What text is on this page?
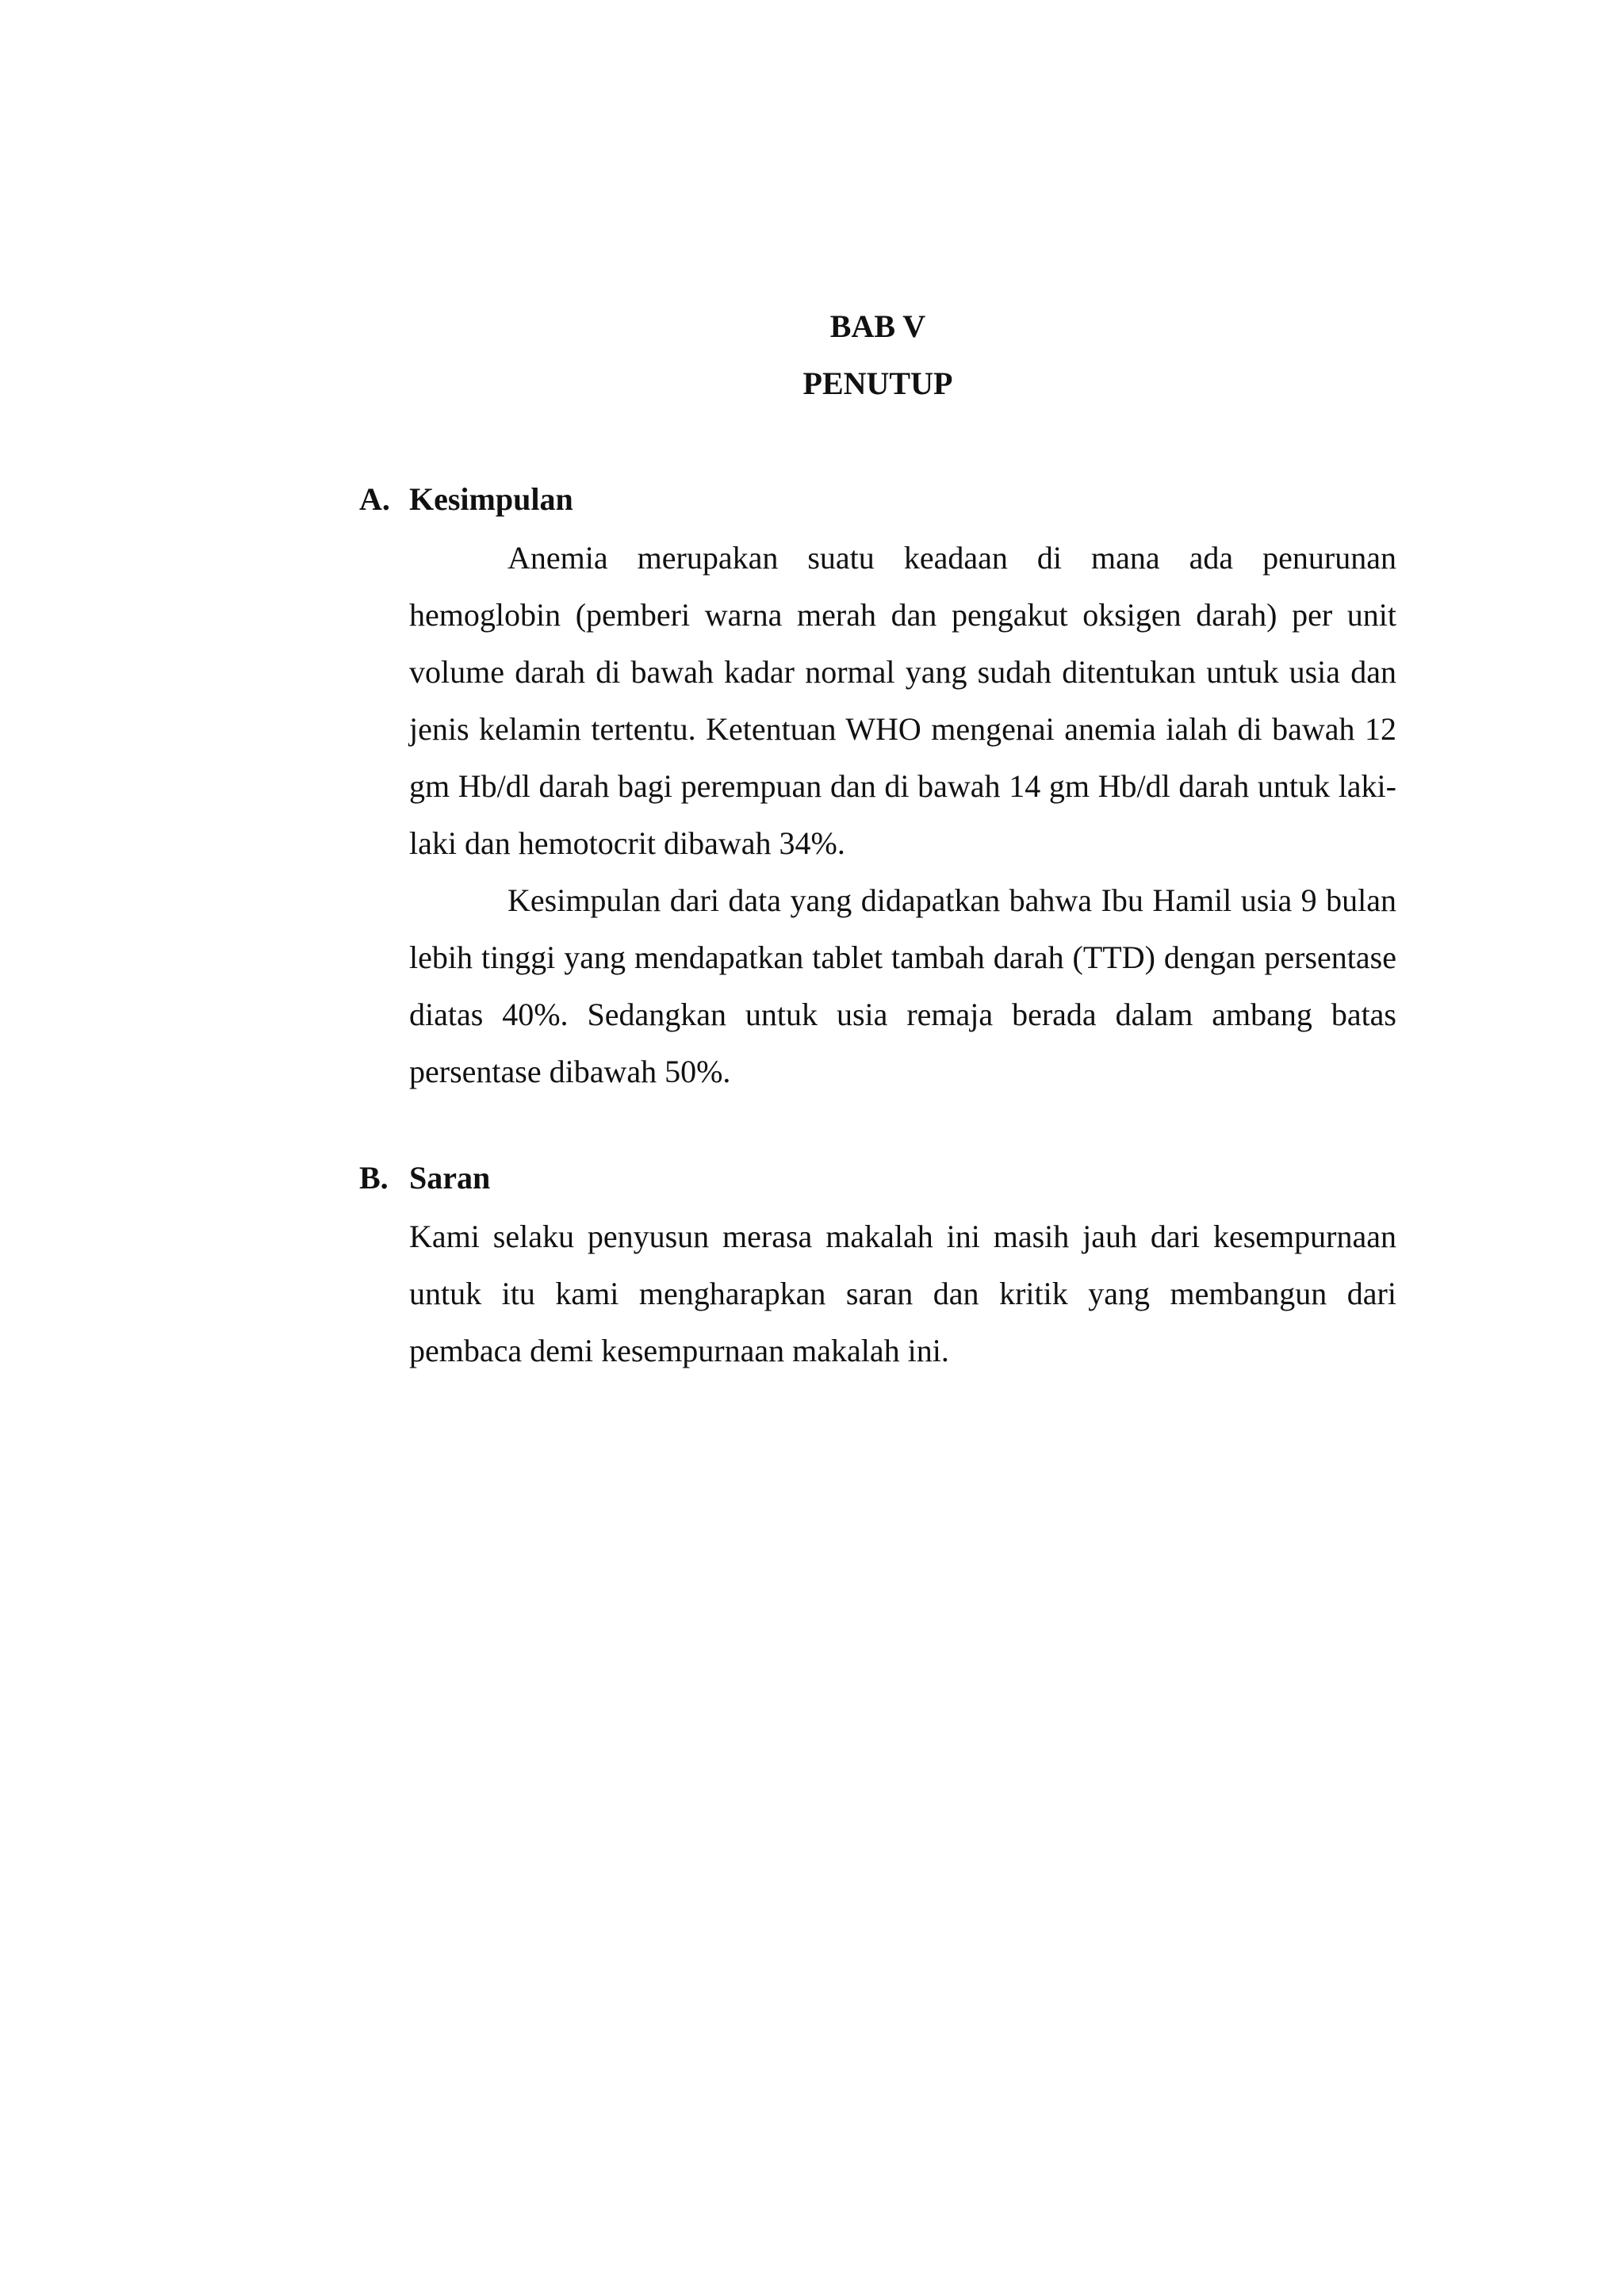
BAB V
PENUTUP
A. Kesimpulan

Anemia merupakan suatu keadaan di mana ada penurunan hemoglobin (pemberi warna merah dan pengakut oksigen darah) per unit volume darah di bawah kadar normal yang sudah ditentukan untuk usia dan jenis kelamin tertentu. Ketentuan WHO mengenai anemia ialah di bawah 12 gm Hb/dl darah bagi perempuan dan di bawah 14 gm Hb/dl darah untuk laki-laki dan hemotocrit dibawah 34%.

Kesimpulan dari data yang didapatkan bahwa Ibu Hamil usia 9 bulan lebih tinggi yang mendapatkan tablet tambah darah (TTD) dengan persentase diatas 40%. Sedangkan untuk usia remaja berada dalam ambang batas persentase dibawah 50%.

B. Saran

Kami selaku penyusun merasa makalah ini masih jauh dari kesempurnaan untuk itu kami mengharapkan saran dan kritik yang membangun dari pembaca demi kesempurnaan makalah ini.
